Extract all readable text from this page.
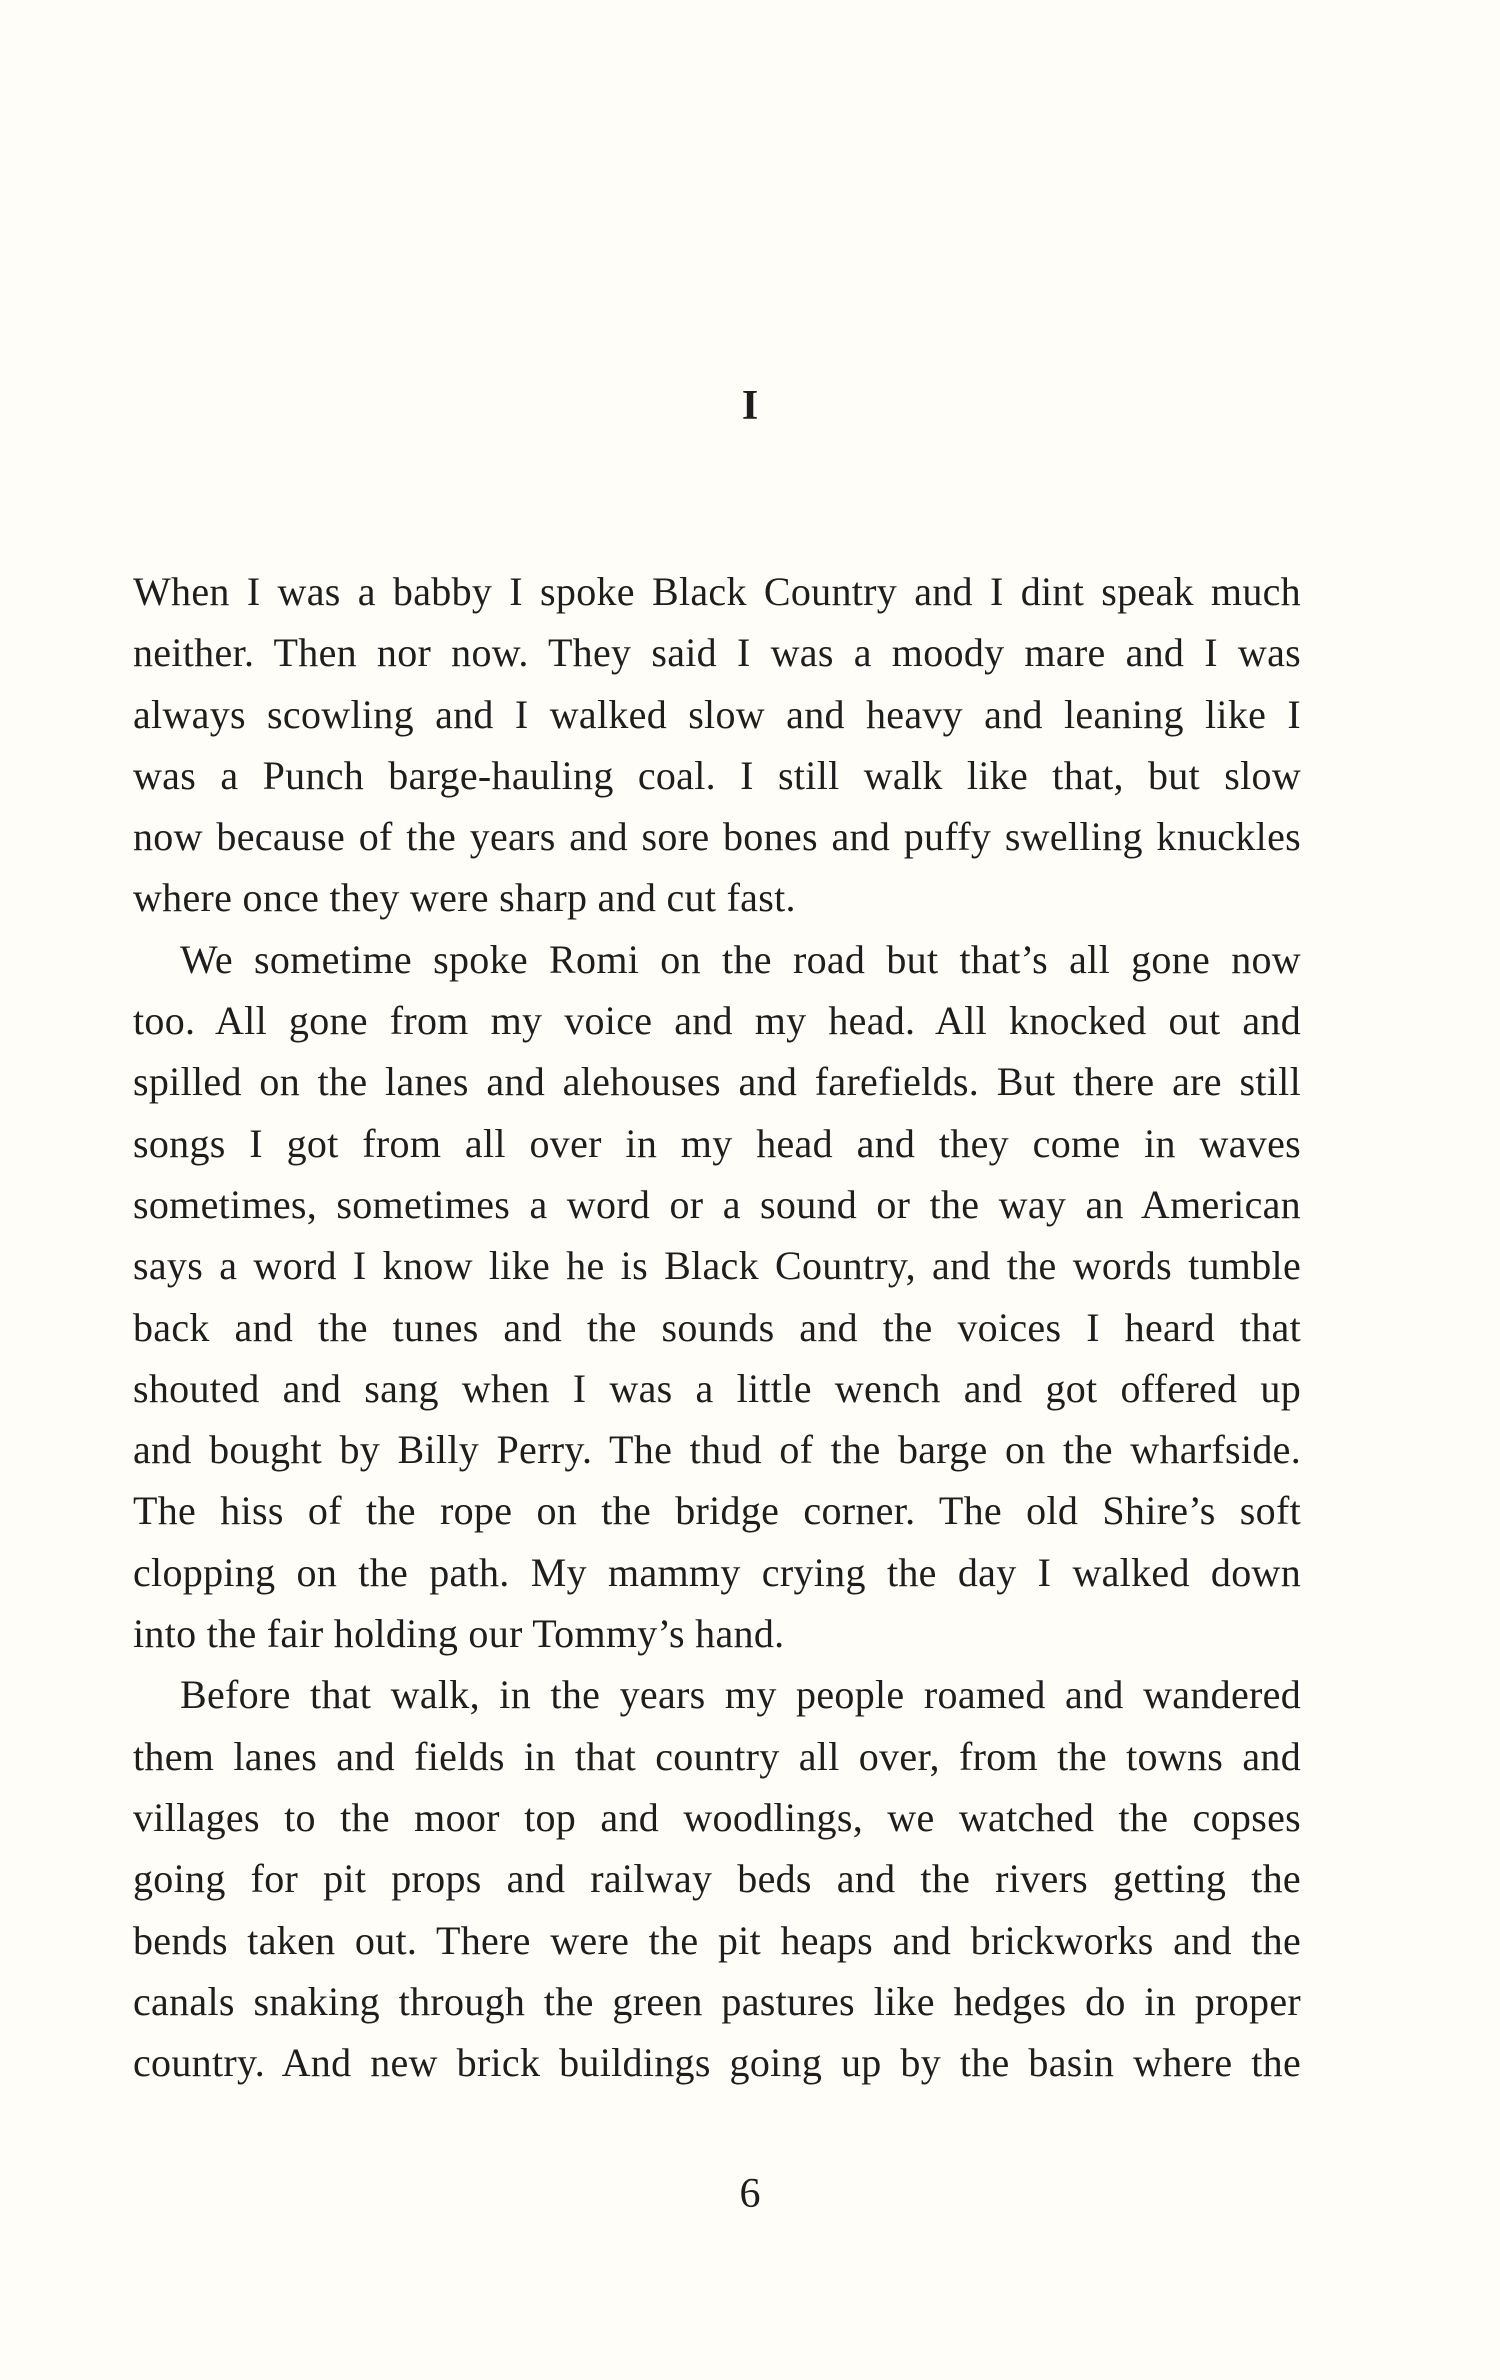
I

When I was a babby I spoke Black Country and I dint speak much
neither. Then nor now. They said I was a moody mare and I was
always scowling and I walked slow and heavy and leaning like I
was a Punch barge-hauling coal. I still walk like that, but slow
now because of the years and sore bones and puffy swelling knuckles
where once they were sharp and cut fast.

We sometime spoke Romi on the road but that’s all gone now
too. All gone from my voice and my head. All knocked out and
spilled on the lanes and alehouses and farefields. But there are still
songs I got from all over in my head and they come in waves
sometimes, sometimes a word or a sound or the way an American
says a word I know like he is Black Country, and the words tumble
back and the tunes and the sounds and the voices I heard that
shouted and sang when I was a little wench and got offered up
and bought by Billy Perry. The thud of the barge on the wharfside.
The hiss of the rope on the bridge corner. The old Shire’s soft
clopping on the path. My mammy crying the day I walked down
into the fair holding our Tommy’s hand.

Before that walk, in the years my people roamed and wandered
them lanes and fields in that country all over, from the towns and
villages to the moor top and woodlings, we watched the copses
going for pit props and railway beds and the rivers getting the
bends taken out. There were the pit heaps and brickworks and the
canals snaking through the green pastures like hedges do in proper
country. And new brick buildings going up by the basin where the

6
